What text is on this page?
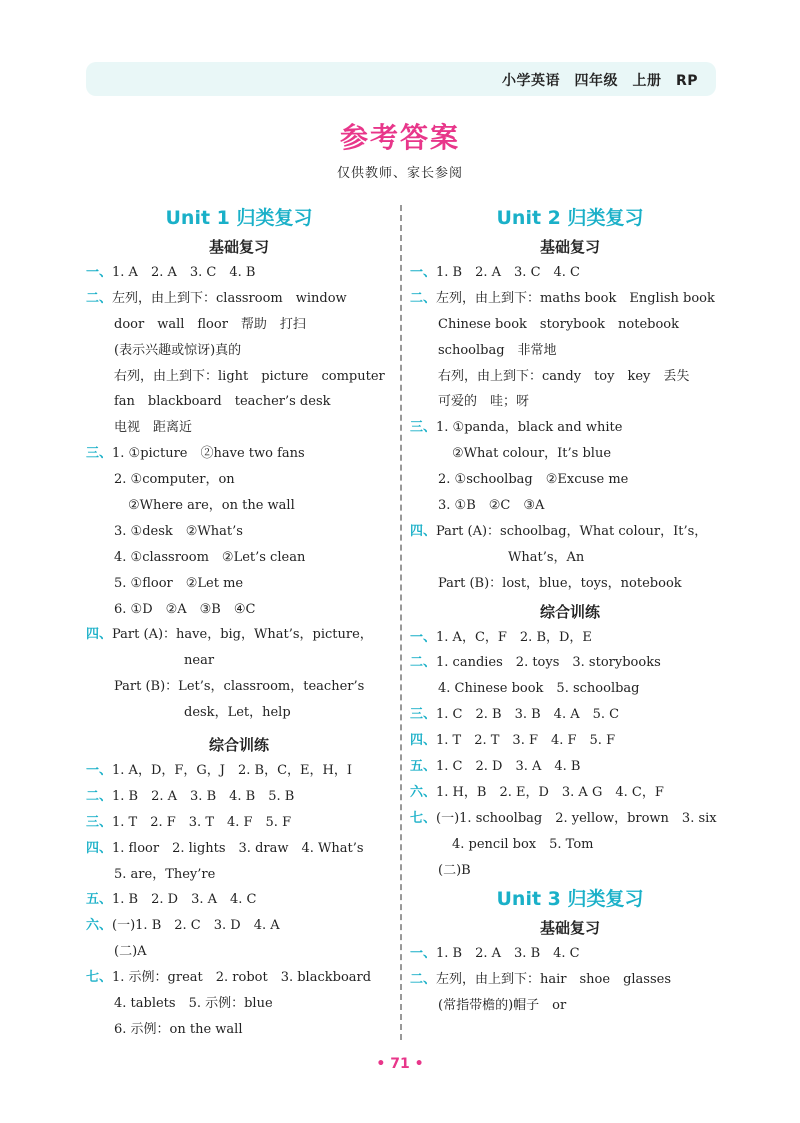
小学英语　四年级　上册　RP
参考答案
仅供教师、家长参阅
Unit 1 归类复习
基础复习
一、1. A　2. A　3. C　4. B
二、左列，由上到下：classroom　window
door　wall　floor　帮助　打扫
(表示兴趣或惊讶)真的
右列，由上到下：light　picture　computer
fan　blackboard　teacher’s desk
电视　距离近
三、1. ①picture　②have two fans
2. ①computer，on
②Where are，on the wall
3. ①desk　②What’s
4. ①classroom　②Let’s clean
5. ①floor　②Let me
6. ①D　②A　③B　④C
四、Part (A)：have，big，What’s，picture，
near
Part (B)：Let’s，classroom，teacher’s
desk，Let，help
综合训练
一、1. A，D，F，G，J　2. B，C，E，H，I
二、1. B　2. A　3. B　4. B　5. B
三、1. T　2. F　3. T　4. F　5. F
四、1. floor　2. lights　3. draw　4. What’s
5. are，They’re
五、1. B　2. D　3. A　4. C
六、(一)1. B　2. C　3. D　4. A
(二)A
七、1. 示例：great　2. robot　3. blackboard
4. tablets　5. 示例：blue
6. 示例：on the wall
Unit 2 归类复习
基础复习
一、1. B　2. A　3. C　4. C
二、左列，由上到下：maths book　English book
Chinese book　storybook　notebook
schoolbag　非常地
右列，由上到下：candy　toy　key　丢失
可爱的　哇；呀
三、1. ①panda，black and white
②What colour，It’s blue
2. ①schoolbag　②Excuse me
3. ①B　②C　③A
四、Part (A)：schoolbag，What colour，It’s，
What’s，An
Part (B)：lost，blue，toys，notebook
综合训练
一、1. A，C，F　2. B，D，E
二、1. candies　2. toys　3. storybooks
4. Chinese book　5. schoolbag
三、1. C　2. B　3. B　4. A　5. C
四、1. T　2. T　3. F　4. F　5. F
五、1. C　2. D　3. A　4. B
六、1. H，B　2. E，D　3. A G　4. C，F
七、(一)1. schoolbag　2. yellow，brown　3. six
4. pencil box　5. Tom
(二)B
Unit 3 归类复习
基础复习
一、1. B　2. A　3. B　4. C
二、左列，由上到下：hair　shoe　glasses
(常指带檐的)帽子　or
• 71 •
